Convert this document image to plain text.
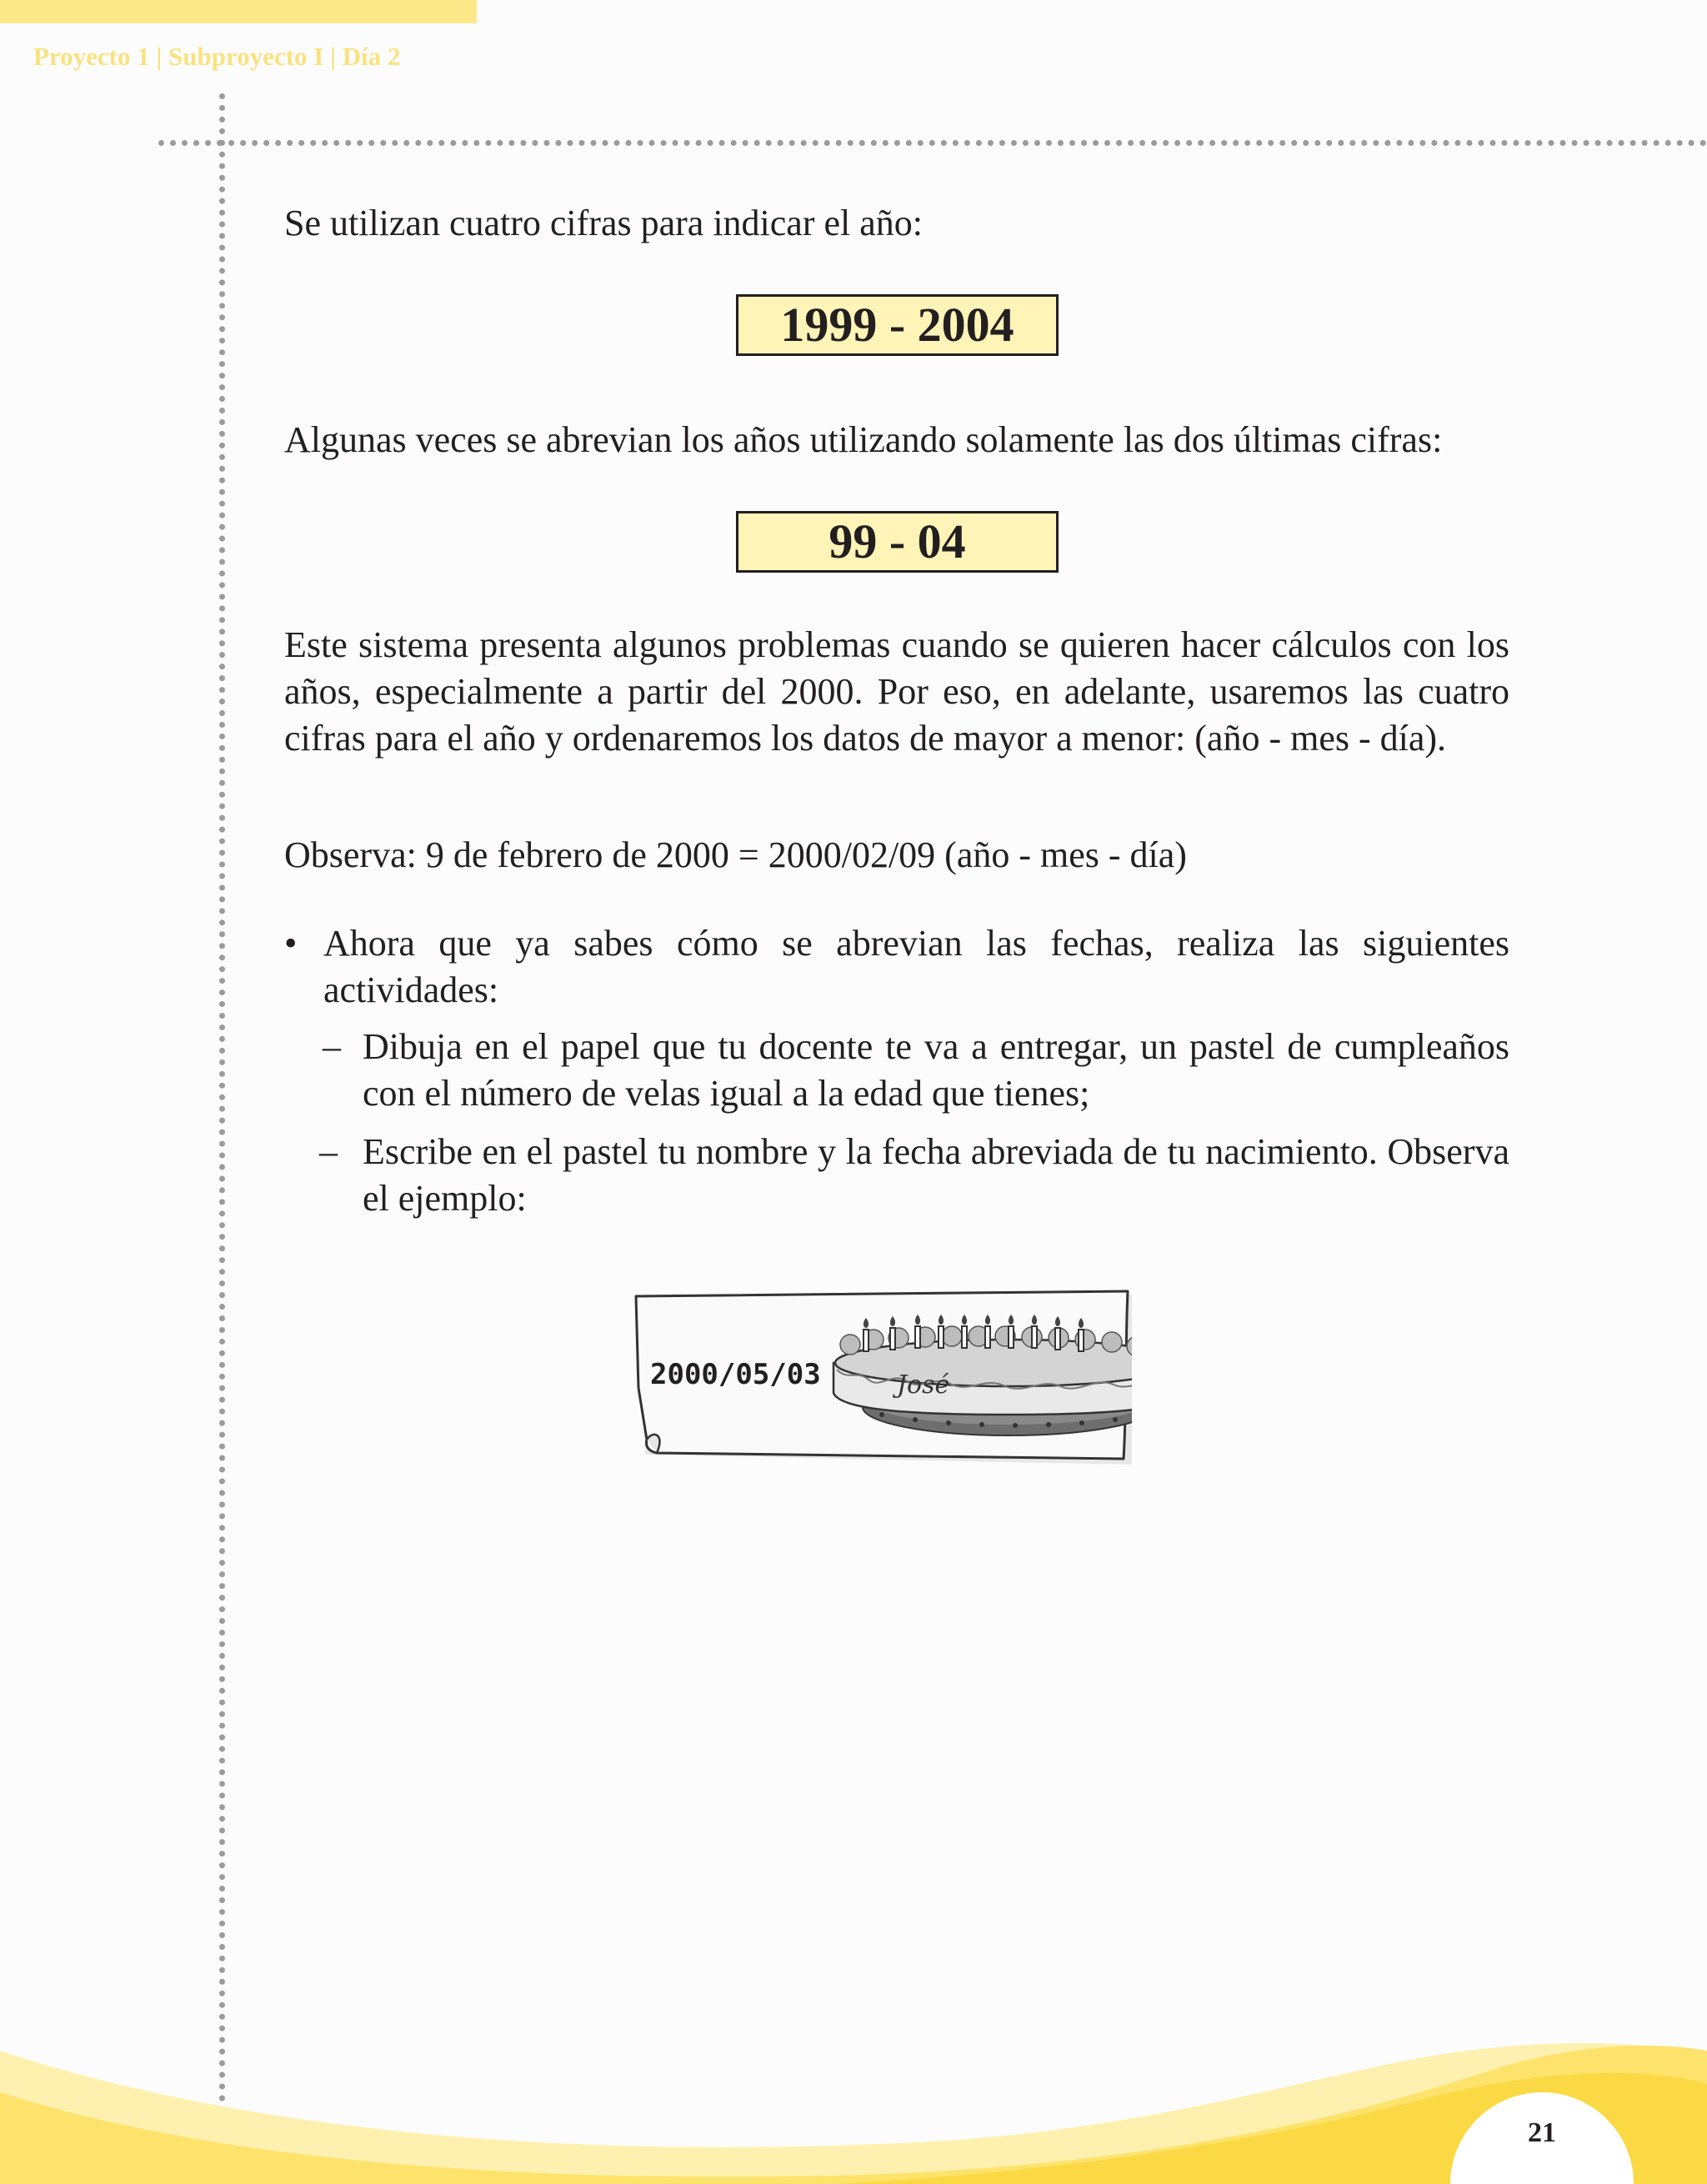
Proyecto 1 | Subproyecto I | Día 2

Se utilizan cuatro cifras para indicar el año:

1999 - 2004

Algunas veces se abrevian los años utilizando solamente las dos últimas cifras:

99 - 04

Este sistema presenta algunos problemas cuando se quieren hacer cálculos con los años, especialmente a partir del 2000. Por eso, en adelante, usaremos las cuatro cifras para el año y ordenaremos los datos de mayor a menor: (año - mes - día).

Observa: 9 de febrero de 2000 = 2000/02/09 (año - mes - día)

• Ahora que ya sabes cómo se abrevian las fechas, realiza las siguientes actividades:
– Dibuja en el papel que tu docente te va a entregar, un pastel de cumpleaños con el número de velas igual a la edad que tienes;
– Escribe en el pastel tu nombre y la fecha abreviada de tu nacimiento. Observa el ejemplo:
2000/05/03	José
21
